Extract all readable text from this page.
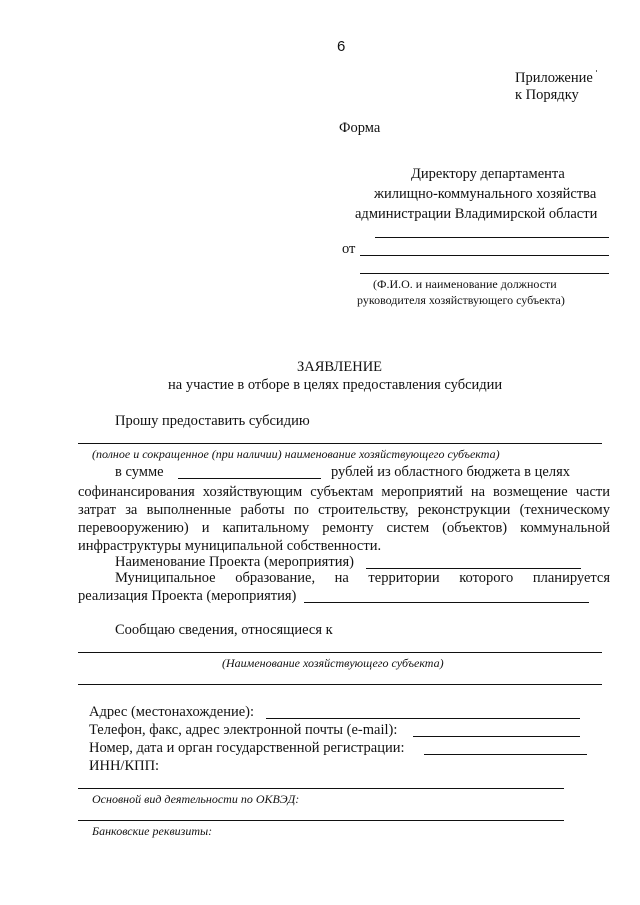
6
Приложение
к Порядку
Форма
Директору департамента
жилищно-коммунального хозяйства
администрации Владимирской области
от
(Ф.И.О. и наименование должности
руководителя хозяйствующего субъекта)
ЗАЯВЛЕНИЕ
на участие в отборе в целях предоставления субсидии
Прошу предоставить субсидию
(полное и сокращенное (при наличии) наименование хозяйствующего субъекта)
в сумме	рублей из областного бюджета в целях
софинансирования хозяйствующим субъектам мероприятий на возмещение части
затрат за выполненные работы по строительству, реконструкции (техническому
перевооружению) и капитальному ремонту систем (объектов) коммунальной
инфраструктуры муниципальной собственности.
Наименование Проекта (мероприятия)
Муниципальное образование, на территории которого планируется
реализация Проекта (мероприятия)
Сообщаю сведения, относящиеся к
(Наименование хозяйствующего субъекта)
Адрес (местонахождение):
Телефон, факс, адрес электронной почты (e-mail):
Номер, дата и орган государственной регистрации:
ИНН/КПП:
Основной вид деятельности по ОКВЭД:
Банковские реквизиты:
